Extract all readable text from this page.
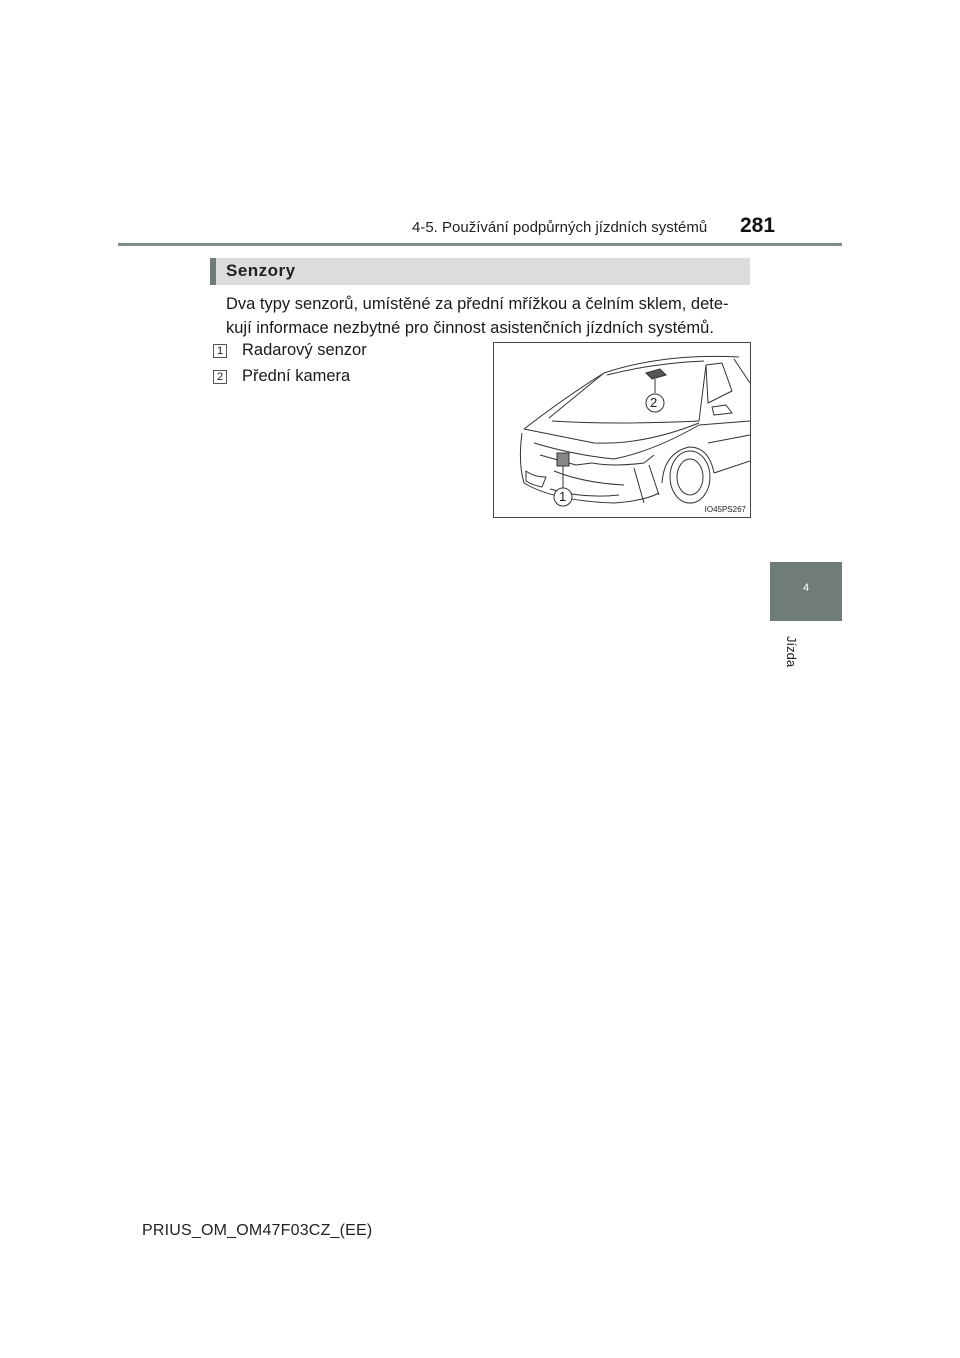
4-5. Používání podpůrných jízdních systémů 281
Senzory
Dva typy senzorů, umístěné za přední mřížkou a čelním sklem, dete-
kují informace nezbytné pro činnost asistenčních jízdních systémů.
1 Radarový senzor
2 Přední kamera
2
1
IO45PS267
4
Jízda
PRIUS_OM_OM47F03CZ_(EE)
